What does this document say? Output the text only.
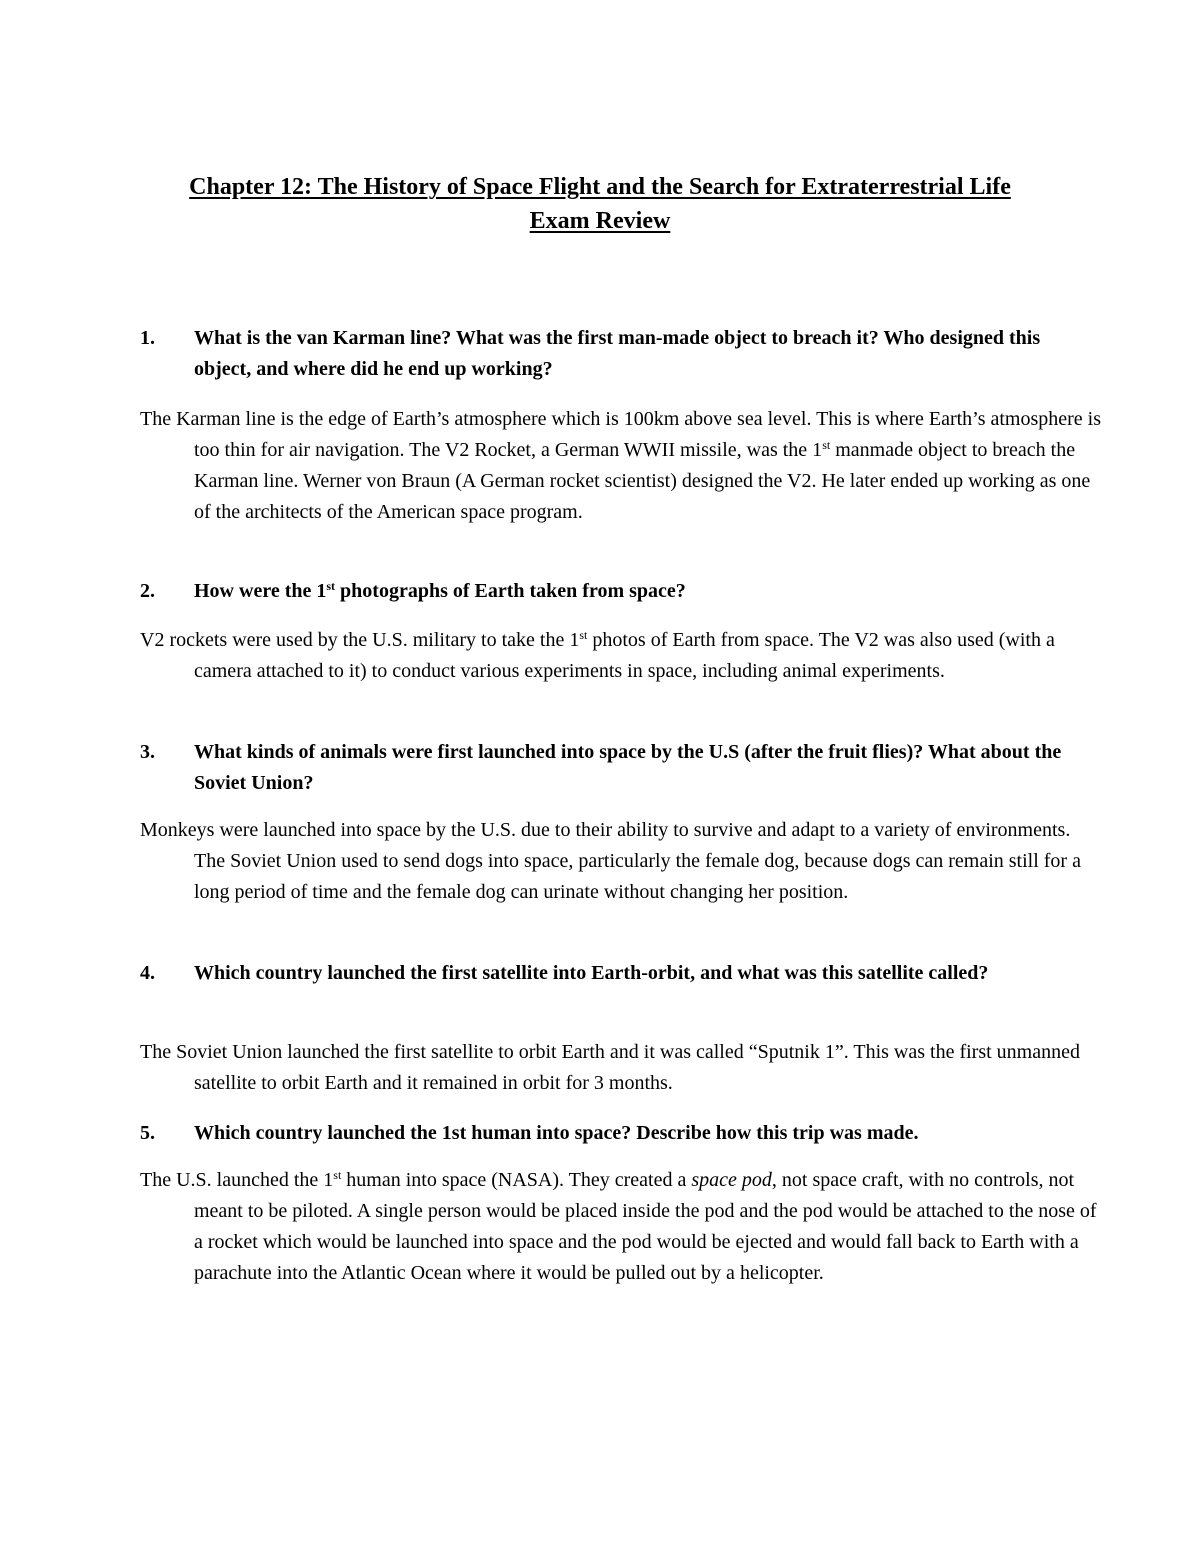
Chapter 12: The History of Space Flight and the Search for Extraterrestrial Life
Exam Review
1. What is the van Karman line? What was the first man-made object to breach it? Who designed this object, and where did he end up working?
The Karman line is the edge of Earth’s atmosphere which is 100km above sea level. This is where Earth’s atmosphere is too thin for air navigation. The V2 Rocket, a German WWII missile, was the 1st manmade object to breach the Karman line. Werner von Braun (A German rocket scientist) designed the V2. He later ended up working as one of the architects of the American space program.
2. How were the 1st photographs of Earth taken from space?
V2 rockets were used by the U.S. military to take the 1st photos of Earth from space. The V2 was also used (with a camera attached to it) to conduct various experiments in space, including animal experiments.
3. What kinds of animals were first launched into space by the U.S (after the fruit flies)? What about the Soviet Union?
Monkeys were launched into space by the U.S. due to their ability to survive and adapt to a variety of environments. The Soviet Union used to send dogs into space, particularly the female dog, because dogs can remain still for a long period of time and the female dog can urinate without changing her position.
4. Which country launched the first satellite into Earth-orbit, and what was this satellite called?
The Soviet Union launched the first satellite to orbit Earth and it was called “Sputnik 1”. This was the first unmanned satellite to orbit Earth and it remained in orbit for 3 months.
5. Which country launched the 1st human into space? Describe how this trip was made.
The U.S. launched the 1st human into space (NASA). They created a space pod, not space craft, with no controls, not meant to be piloted. A single person would be placed inside the pod and the pod would be attached to the nose of a rocket which would be launched into space and the pod would be ejected and would fall back to Earth with a parachute into the Atlantic Ocean where it would be pulled out by a helicopter.
